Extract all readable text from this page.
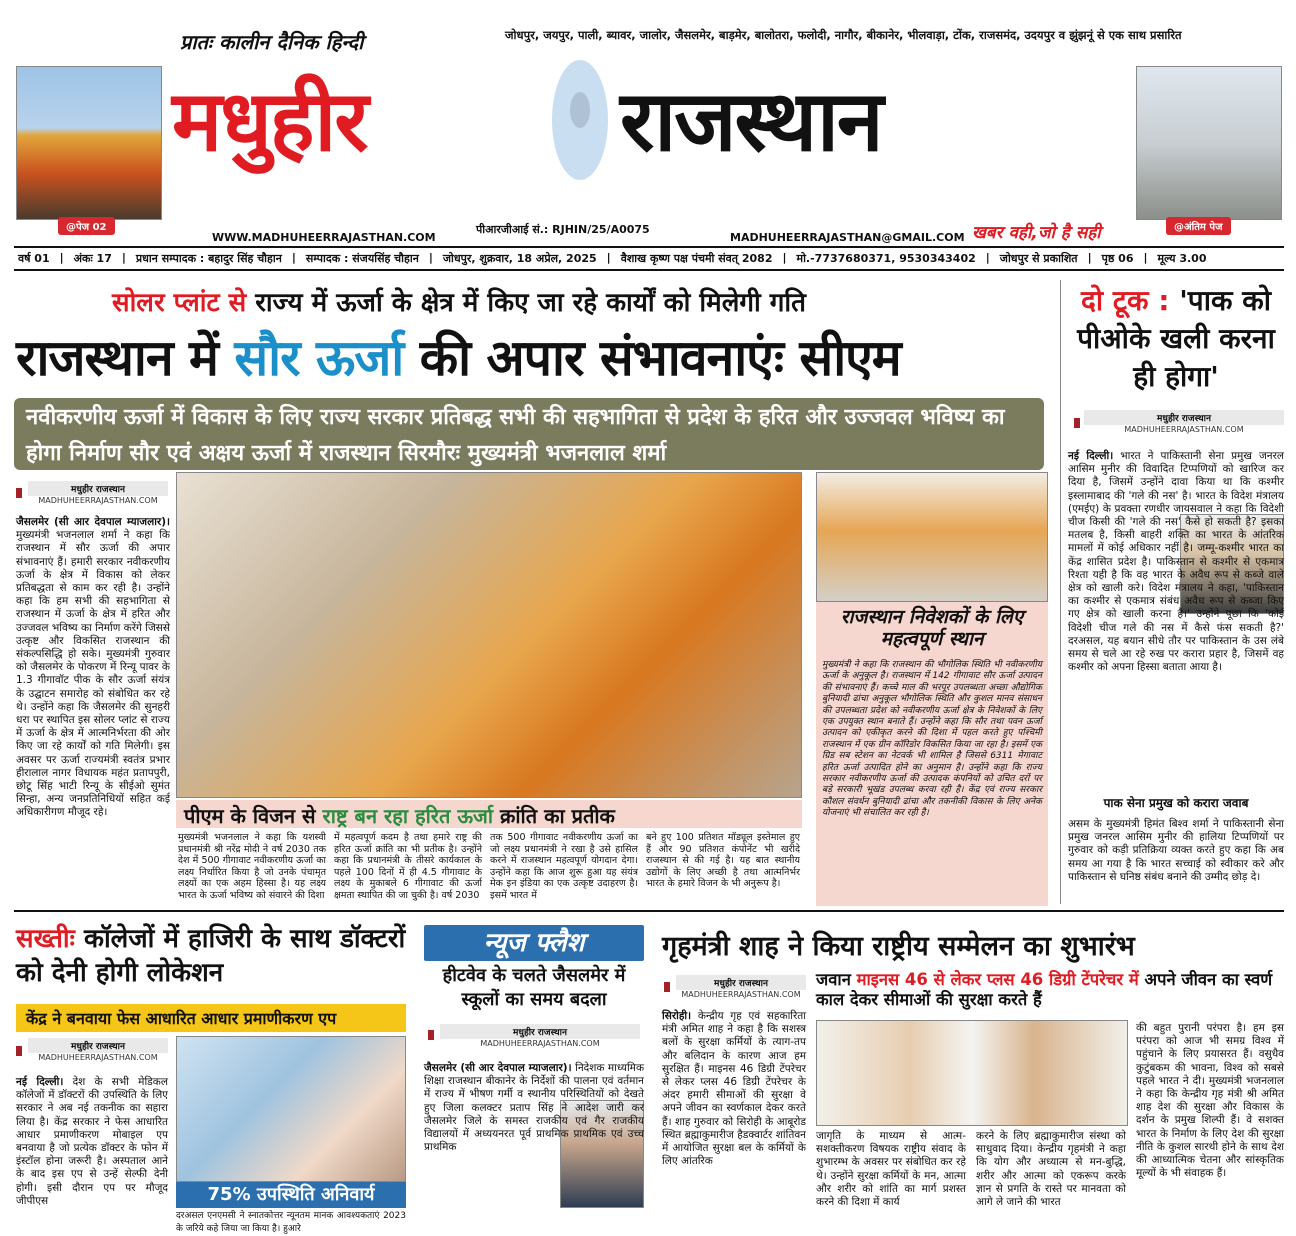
@पेज 02
प्रातः कालीन दैनिक हिन्दी
मधुहीर	राजस्थान
जोधपुर, जयपुर, पाली, ब्यावर, जालोर, जैसलमेर, बाड़मेर, बालोतरा, फलोदी, नागौर, बीकानेर, भीलवाड़ा, टोंक, राजसमंद, उदयपुर व झुंझनूं से एक साथ प्रसारित
@अंतिम पेज
पीआरजीआई सं.: RJHIN/25/A0075
WWW.MADHUHEERRAJASTHAN.COM	MADHUHEERRAJASTHAN@GMAIL.COM खबर वही,जो है सही
वर्ष 01 | अंकः 17 | प्रधान सम्पादक : बहादुर सिंह चौहान | सम्पादक : संजयसिंह चौहान | जोधपुर, शुक्रवार, 18 अप्रेल, 2025 | वैशाख कृष्ण पक्ष पंचमी संवत् 2082 | मो.-7737680371, 9530343402 | जोधपुर से प्रकाशित | पृष्ठ 06 | मूल्य 3.00
सोलर प्लांट से राज्य में ऊर्जा के क्षेत्र में किए जा रहे कार्यों को मिलेगी गति
राजस्थान में सौर ऊर्जा की अपार संभावनाएंः सीएम
नवीकरणीय ऊर्जा में विकास के लिए राज्य सरकार प्रतिबद्ध सभी की सहभागिता से प्रदेश के हरित और उज्जवल भविष्य का होगा निर्माण सौर एवं अक्षय ऊर्जा में राजस्थान सिरमौरः मुख्यमंत्री भजनलाल शर्मा
मधुहीर राजस्थान
MADHUHEERRAJASTHAN.COM
जैसलमेर (सी आर देवपाल म्याजलार)। मुख्यमंत्री भजनलाल शर्मा ने कहा कि राजस्थान में सौर ऊर्जा की अपार संभावनाएं हैं। हमारी सरकार नवीकरणीय ऊर्जा के क्षेत्र में विकास को लेकर प्रतिबद्धता से काम कर रही है। उन्होंने कहा कि हम सभी की सहभागिता से राजस्थान में ऊर्जा के क्षेत्र में हरित और उज्जवल भविष्य का निर्माण करेंगे जिससे उत्कृष्ट और विकसित राजस्थान की संकल्पसिद्धि हो सके। मुख्यमंत्री गुरुवार को जैसलमेर के पोकरण में रिन्यू पावर के 1.3 गीगावॉट पीक के सौर ऊर्जा संयंत्र के उद्घाटन समारोह को संबोधित कर रहे थे। उन्होंने कहा कि जैसलमेर की सुनहरी धरा पर स्थापित इस सोलर प्लांट से राज्य में ऊर्जा के क्षेत्र में आत्मनिर्भरता की ओर किए जा रहे कार्यों को गति मिलेगी। इस अवसर पर ऊर्जा राज्यमंत्री स्वतंत्र प्रभार हीरालाल नागर विधायक महंत प्रतापपुरी, छोटू सिंह भाटी रिन्यू के सीईओ सुमंत सिन्हा, अन्य जनप्रतिनिधियों सहित कई अधिकारीगण मौजूद रहे।
राजस्थान निवेशकों के लिए महत्वपूर्ण स्थान
मुख्यमंत्री ने कहा कि राजस्थान की भौगोलिक स्थिति भी नवीकरणीय ऊर्जा के अनुकूल है। राजस्थान में 142 गीगावाट सौर ऊर्जा उत्पादन की संभावनाएं हैं। कच्चे माल की भरपूर उपलब्धता अच्छा औद्योगिक बुनियादी ढांचा अनुकूल भौगोलिक स्थिति और कुशल मानव संसाधन की उपलब्धता प्रदेश को नवीकरणीय ऊर्जा क्षेत्र के निवेशकों के लिए एक उपयुक्त स्थान बनाते हैं। उन्होंने कहा कि सौर तथा पवन ऊर्जा उत्पादन को एकीकृत करने की दिशा में पहल करते हुए पश्चिमी राजस्थान में एक ग्रीन कॉरिडोर विकसित किया जा रहा है। इसमें एक ग्रिड सब स्टेशन का नेटवर्क भी शामिल है जिससे 6311 मेगावाट हरित ऊर्जा उत्पादित होने का अनुमान है। उन्होंने कहा कि राज्य सरकार नवीकरणीय ऊर्जा की उत्पादक कंपनियों को उचित दरों पर बड़े सरकारी भूखंड उपलब्ध करवा रही है। केंद्र एवं राज्य सरकार कौशल संवर्धन बुनियादी ढांचा और तकनीकी विकास के लिए अनेक योजनाएं भी संचालित कर रही है।
पीएम के विजन से राष्ट्र बन रहा हरित ऊर्जा क्रांति का प्रतीक
मुख्यमंत्री भजनलाल ने कहा कि यशस्वी प्रधानमंत्री श्री नरेंद्र मोदी ने वर्ष 2030 तक देश में 500 गीगावाट नवीकरणीय ऊर्जा का लक्ष्य निर्धारित किया है जो उनके पंचामृत लक्ष्यों का एक अहम हिस्सा है। यह लक्ष्य भारत के ऊर्जा भविष्य को संवारने की दिशा
में महत्वपूर्ण कदम है तथा हमारे राष्ट्र की हरित ऊर्जा क्रांति का भी प्रतीक है। उन्होंने कहा कि प्रधानमंत्री के तीसरे कार्यकाल के पहले 100 दिनों में ही 4.5 गीगावाट के लक्ष्य के मुकाबले 6 गीगावाट की ऊर्जा क्षमता स्थापित की जा चुकी है। वर्ष 2030
तक 500 गीगावाट नवीकरणीय ऊर्जा का जो लक्ष्य प्रधानमंत्री ने रखा है उसे हासिल करने में राजस्थान महत्वपूर्ण योगदान देगा। उन्होंने कहा कि आज शुरू हुआ यह संयंत्र मेक इन इंडिया का एक उत्कृष्ट उदाहरण है। इसमें भारत में
बने हुए 100 प्रतिशत मॉड्यूल इस्तेमाल हुए हैं और 90 प्रतिशत कंपोनेंट भी खरीदे राजस्थान से की गई है। यह बात स्थानीय उद्योगों के लिए अच्छी है तथा आत्मनिर्भर भारत के हमारे विजन के भी अनुरूप है।
दो टूक : 'पाक को पीओके खली करना ही होगा'
मधुहीर राजस्थान
MADHUHEERRAJASTHAN.COM
नई दिल्ली। भारत ने पाकिस्तानी सेना प्रमुख जनरल आसिम मुनीर की विवादित टिप्पणियों को खारिज कर दिया है, जिसमें उन्होंने दावा किया था कि कश्मीर इस्लामाबाद की 'गले की नस' है। भारत के विदेश मंत्रालय (एमईए) के प्रवक्ता रणधीर जायसवाल ने कहा कि विदेशी चीज किसी की 'गले की नस' कैसे हो सकती है? इसका मतलब है, किसी बाहरी शक्ति का भारत के आंतरिक मामलों में कोई अधिकार नहीं है। जम्मू-कश्मीर भारत का केंद्र शासित प्रदेश है। पाकिस्तान से कश्मीर से एकमात्र रिश्ता यही है कि वह भारत के अवैध रूप से कब्जे वाले क्षेत्र को खाली करे। विदेश मंत्रालय ने कहा, 'पाकिस्तान का कश्मीर से एकमात्र संबंध अवैध रूप से कब्जा किए गए क्षेत्र को खाली करना है।' उन्होंने पूछा कि 'कोई विदेशी चीज गले की नस में कैसे फंस सकती है?' दरअसल, यह बयान सीधे तौर पर पाकिस्तान के उस लंबे समय से चले आ रहे रुख पर करारा प्रहार है, जिसमें वह कश्मीर को अपना हिस्सा बताता आया है।
पाक सेना प्रमुख को करारा जवाब
असम के मुख्यमंत्री हिमंत बिश्व शर्मा ने पाकिस्तानी सेना प्रमुख जनरल आसिम मुनीर की हालिया टिप्पणियों पर गुरुवार को कड़ी प्रतिक्रिया व्यक्त करते हुए कहा कि अब समय आ गया है कि भारत सच्चाई को स्वीकार करे और पाकिस्तान से घनिष्ठ संबंध बनाने की उम्मीद छोड़ दे।
सख्तीः कॉलेजों में हाजिरी के साथ डॉक्टरों को देनी होगी लोकेशन
केंद्र ने बनवाया फेस आधारित आधार प्रमाणीकरण एप
मधुहीर राजस्थान
MADHUHEERRAJASTHAN.COM
नई दिल्ली। देश के सभी मेडिकल कॉलेजों में डॉक्टरों की उपस्थिति के लिए सरकार ने अब नई तकनीक का सहारा लिया है। केंद्र सरकार ने फेस आधारित आधार प्रमाणीकरण मोबाइल एप बनवाया है जो प्रत्येक डॉक्टर के फोन में इंस्टॉल होना जरूरी है। अस्पताल आने के बाद इस एप से उन्हें सेल्फी देनी होगी। इसी दौरान एप पर मौजूद जीपीएस	75% उपस्थिति अनिवार्य
दरअसल एनएमसी ने स्नातकोत्तर न्यूनतम मानक आवश्यकताएं 2023 के जरिये कहे जिया जा किया है। हुआरे
न्यूज फ्लैश
हीटवेव के चलते जैसलमेर में स्कूलों का समय बदला
मधुहीर राजस्थान
MADHUHEERRAJASTHAN.COM
जैसलमेर (सी आर देवपाल म्याजलार)। निदेशक माध्यमिक शिक्षा राजस्थान बीकानेर के निर्देशों की पालना एवं वर्तमान में राज्य में भीषण गर्मी व स्थानीय परिस्थितियों को देखते हुए जिला कलक्टर प्रताप सिंह ने आदेश जारी कर जैसलमेर जिले के समस्त राजकीय एवं गैर राजकीय विद्यालयों में अध्ययनरत पूर्व प्राथमिक प्राथमिक एवं उच्च प्राथमिक
गृहमंत्री शाह ने किया राष्ट्रीय सम्मेलन का शुभारंभ
जवान माइनस 46 से लेकर प्लस 46 डिग्री टेंपरेचर में अपने जीवन का स्वर्ण काल देकर सीमाओं की सुरक्षा करते हैं
मधुहीर राजस्थान
MADHUHEERRAJASTHAN.COM
सिरोही। केन्द्रीय गृह एवं सहकारिता मंत्री अमित शाह ने कहा है कि सशस्त्र बलों के सुरक्षा कर्मियों के त्याग-तप और बलिदान के कारण आज हम सुरक्षित हैं। माइनस 46 डिग्री टेंपरेचर से लेकर प्लस 46 डिग्री टेंपरेचर के अंदर हमारी सीमाओं की सुरक्षा वे अपने जीवन का स्वर्णकाल देकर करते हैं। शाह गुरुवार को सिरोही के आबूरोड स्थित ब्रह्माकुमारीज हैडक्वार्टर शांतिवन में आयोजित सुरक्षा बल के कर्मियों के लिए आंतरिक
जागृति के माध्यम से आत्म-सशक्तीकरण विषयक राष्ट्रीय संवाद के शुभारम्भ के अवसर पर संबोधित कर रहे थे। उन्होंने सुरक्षा कर्मियों के मन, आत्मा और शरीर को शांति का मार्ग प्रशस्त करने की दिशा में कार्य
करने के लिए ब्रह्माकुमारीज संस्था को साधुवाद दिया। केन्द्रीय गृहमंत्री ने कहा कि योग और अध्यात्म से मन-बुद्धि, शरीर और आत्मा को एकरूप करके ज्ञान से प्रगति के रास्ते पर मानवता को आगे ले जाने की भारत
की बहुत पुरानी परंपरा है। हम इस परंपरा को आज भी समग्र विश्व में पहुंचाने के लिए प्रयासरत हैं। वसुधैव कुटुंबकम की भावना, विश्व को सबसे पहले भारत ने दी। मुख्यमंत्री भजनलाल ने कहा कि केन्द्रीय गृह मंत्री श्री अमित शाह देश की सुरक्षा और विकास के दर्शन के प्रमुख शिल्पी हैं। वे सशक्त भारत के निर्माण के लिए देश की सुरक्षा नीति के कुशल सारथी होने के साथ देश की आध्यात्मिक चेतना और सांस्कृतिक मूल्यों के भी संवाहक हैं।
